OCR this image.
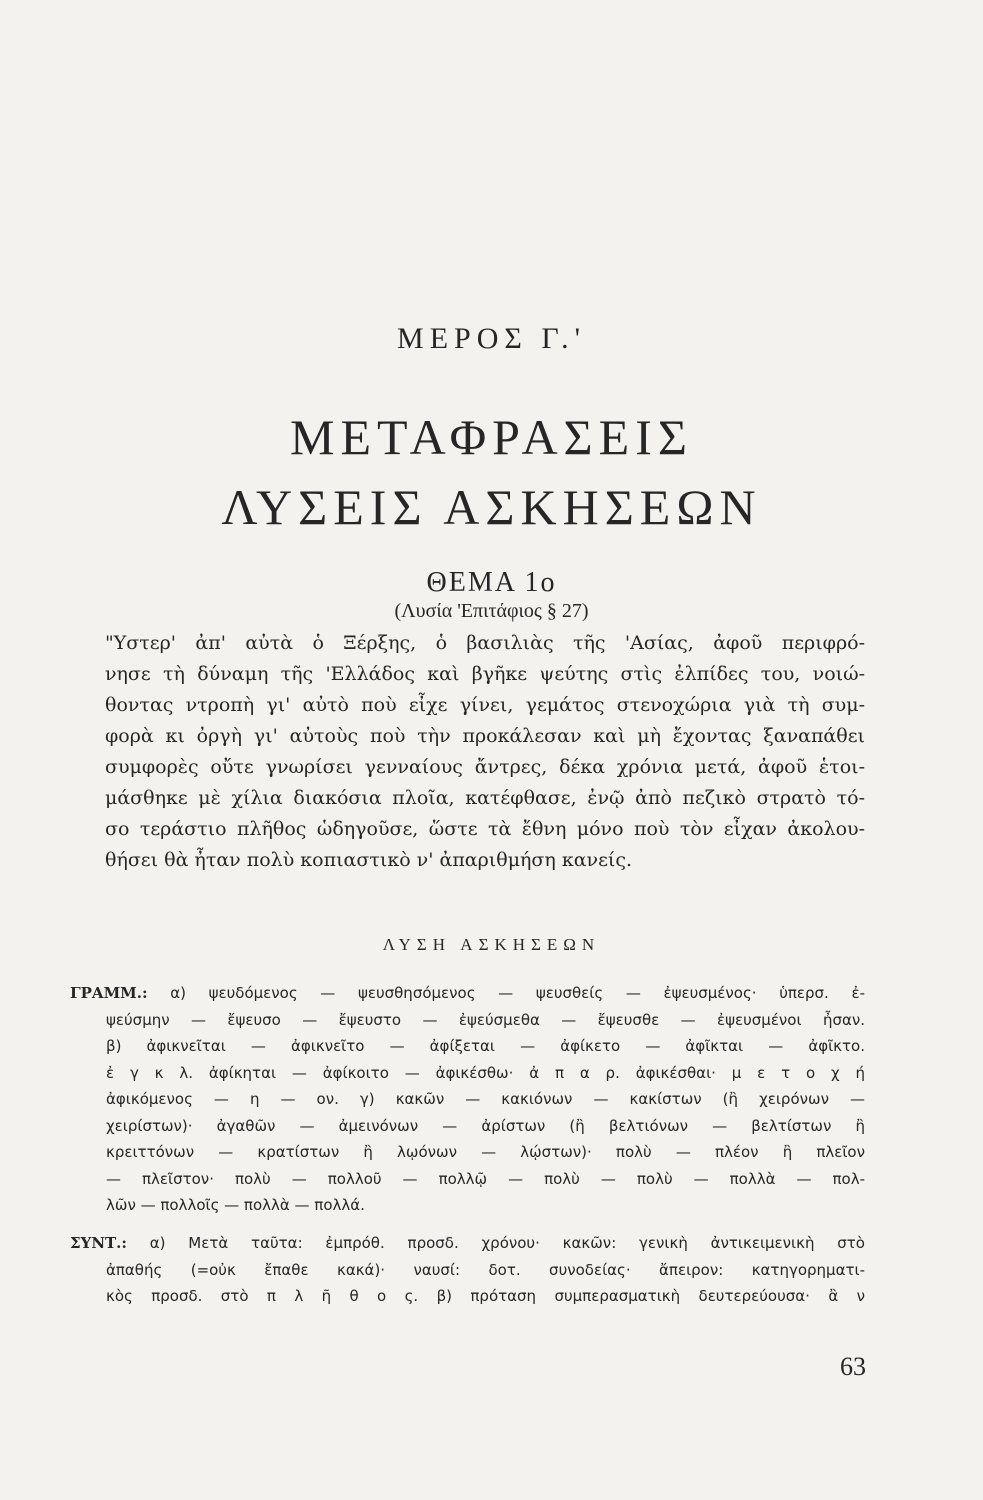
ΜΕΡΟΣ Γ.'
ΜΕΤΑΦΡΑΣΕΙΣ
ΛΥΣΕΙΣ ΑΣΚΗΣΕΩΝ
ΘΕΜΑ 1ο
(Λυσία 'Επιτάφιος § 27)
"Υστερ' ἀπ' αὐτὰ ὁ Ξέρξης, ὁ βασιλιὰς τῆς 'Ασίας, ἀφοῦ περιφρό-
νησε τὴ δύναμη τῆς 'Ελλάδος καὶ βγῆκε ψεύτης στὶς ἐλπίδες του, νοιώ-
θοντας ντροπὴ γι' αὐτὸ ποὺ εἶχε γίνει, γεμάτος στενοχώρια γιὰ τὴ συμ-
φορὰ κι ὀργὴ γι' αὐτοὺς ποὺ τὴν προκάλεσαν καὶ μὴ ἔχοντας ξαναπάθει
συμφορὲς οὔτε γνωρίσει γενναίους ἄντρες, δέκα χρόνια μετά, ἀφοῦ ἑτοι-
μάσθηκε μὲ χίλια διακόσια πλοῖα, κατέφθασε, ἐνῷ ἀπὸ πεζικὸ στρατὸ τό-
σο τεράστιο πλῆθος ὡδηγοῦσε, ὥστε τὰ ἔθνη μόνο ποὺ τὸν εἶχαν ἀκολου-
θήσει θὰ ἦταν πολὺ κοπιαστικὸ ν' ἀπαριθμήση κανείς.
ΛΥΣΗ ΑΣΚΗΣΕΩΝ
ΓΡΑΜΜ.: α) ψευδόμενος — ψευσθησόμενος — ψευσθείς — ἐψευσμένος· ὑπερσ. ἐ-
ψεύσμην — ἔψευσο — ἔψευστο — ἐψεύσμεθα — ἔψευσθε — ἐψευσμένοι ἦσαν.
β) ἀφικνεῖται — ἀφικνεῖτο — ἀφίξεται — ἀφίκετο — ἀφῖκται — ἀφῖκτο.
ἐ γ κ λ. ἀφίκηται — ἀφίκοιτο — ἀφικέσθω· ἀ π α ρ. ἀφικέσθαι· μ ε τ ο χ ή
ἀφικόμενος — η — ον. γ) κακῶν — κακιόνων — κακίστων (ἢ χειρόνων —
χειρίστων)· ἀγαθῶν — ἀμεινόνων — ἀρίστων (ἢ βελτιόνων — βελτίστων ἢ
κρειττόνων — κρατίστων ἢ λῳόνων — λῴστων)· πολὺ — πλέον ἢ πλεῖον
— πλεῖστον· πολὺ — πολλοῦ — πολλῷ — πολὺ — πολὺ — πολλὰ — πολ-
λῶν — πολλοῖς — πολλὰ — πολλά.
ΣΥΝΤ.: α) Μετὰ ταῦτα: ἐμπρόθ. προσδ. χρόνου· κακῶν: γενικὴ ἀντικειμενικὴ στὸ
ἀπαθής (=οὐκ ἔπαθε κακά)· ναυσί: δοτ. συνοδείας· ἄπειρον: κατηγορηματι-
κὸς προσδ. στὸ π λ ῆ θ ο ς. β) πρόταση συμπερασματικὴ δευτερεύουσα· ἂ ν
63
